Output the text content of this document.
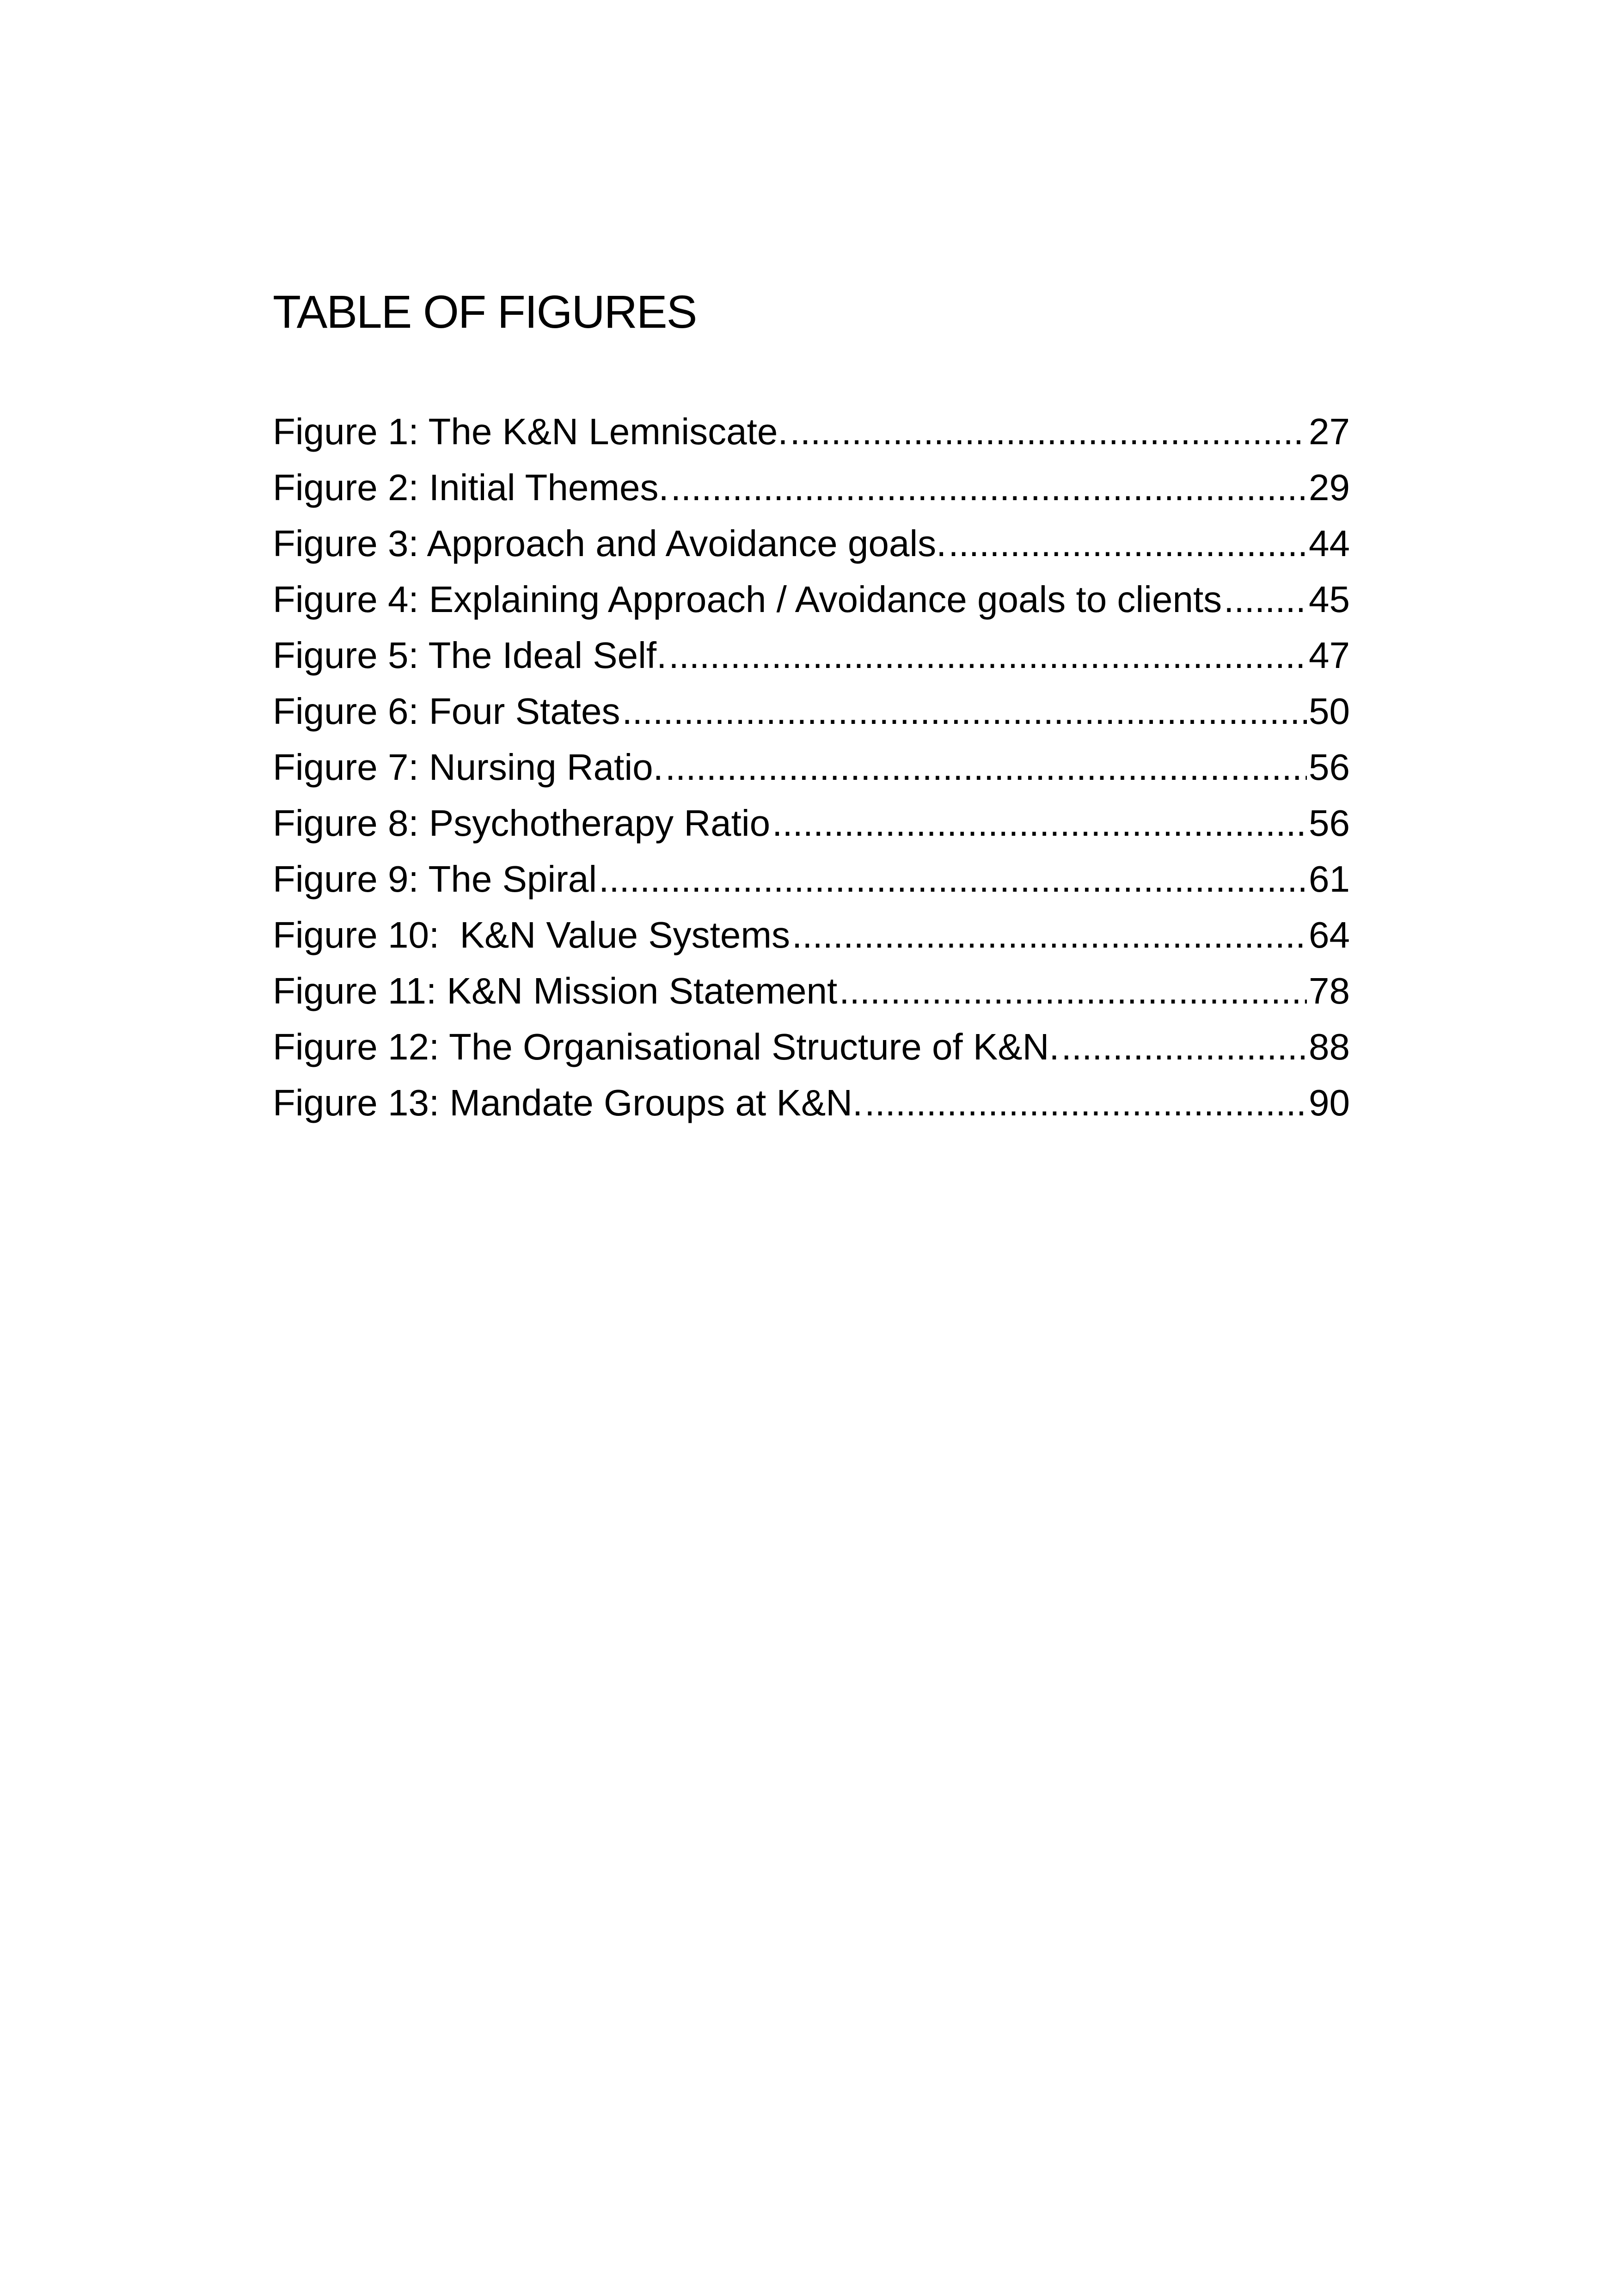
TABLE OF FIGURES
Figure 1: The K&N Lemniscate. .....	27
Figure 2: Initial Themes. .....	29
Figure 3: Approach and Avoidance goals. .....	44
Figure 4: Explaining Approach / Avoidance goals to clients ..... 45
Figure 5: The Ideal Self. .....	47
Figure 6: Four States .....	50
Figure 7: Nursing Ratio. .....	56
Figure 8: Psychotherapy Ratio .....	56
Figure 9: The Spiral .....	61
Figure 10:  K&N Value Systems .....	64
Figure 11: K&N Mission Statement .....	78
Figure 12: The Organisational Structure of K&N. .....	88
Figure 13: Mandate Groups at K&N. .....	90
